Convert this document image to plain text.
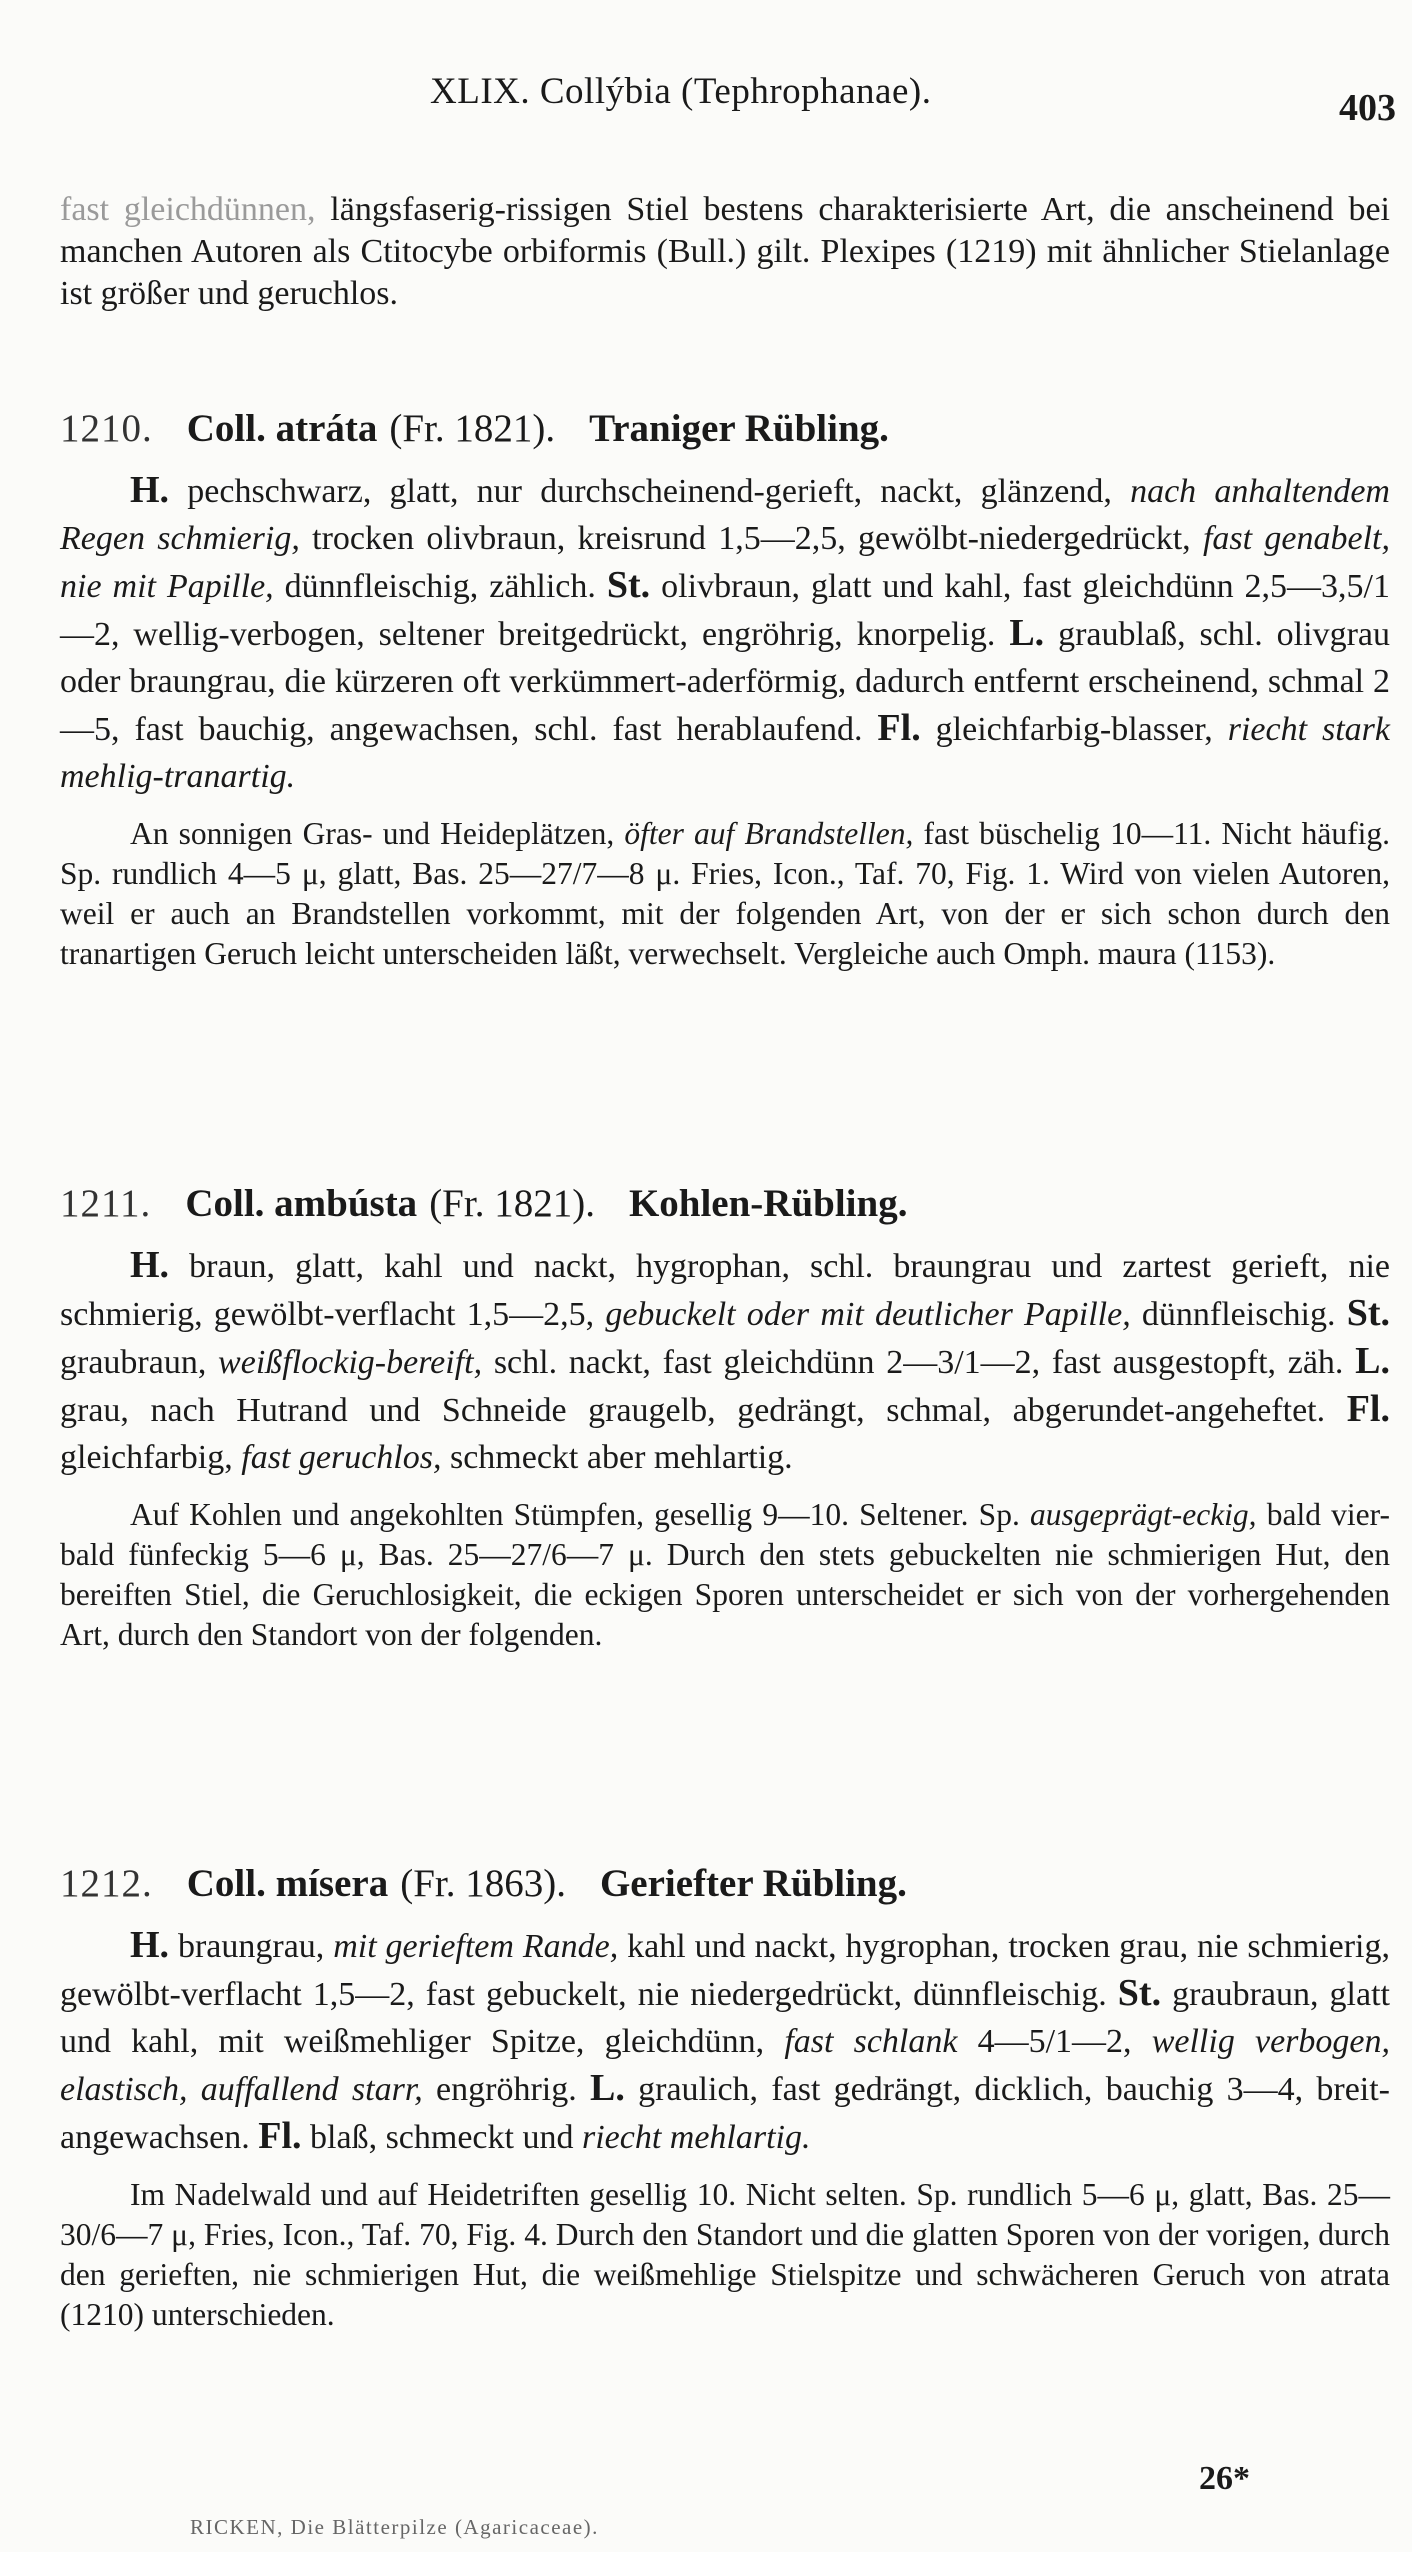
XLIX. Collýbia (Tephrophanae).	403

fast gleichdünnen, längsfaserig-rissigen Stiel bestens charakterisierte Art, die anscheinend bei manchen Autoren als Ctitocybe orbiformis (Bull.) gilt. Plexipes (1219) mit ähnlicher Stielanlage ist größer und geruchlos.

1210. Coll. atráta (Fr. 1821). Traniger Rübling.

H. pechschwarz, glatt, nur durchscheinend-gerieft, nackt, glänzend, nach anhaltendem Regen schmierig, trocken olivbraun, kreisrund 1,5—2,5, gewölbt-niedergedrückt, fast genabelt, nie mit Papille, dünnfleischig, zählich. St. olivbraun, glatt und kahl, fast gleichdünn 2,5—3,5/1—2, wellig-verbogen, seltener breitgedrückt, engröhrig, knorpelig. L. graublaß, schl. olivgrau oder braungrau, die kürzeren oft verkümmert-aderförmig, dadurch entfernt erscheinend, schmal 2—5, fast bauchig, angewachsen, schl. fast herablaufend. Fl. gleichfarbig-blasser, riecht stark mehlig-tranartig.

An sonnigen Gras- und Heideplätzen, öfter auf Brandstellen, fast büschelig 10—11. Nicht häufig. Sp. rundlich 4—5 μ, glatt, Bas. 25—27/7—8 μ. Fries, Icon., Taf. 70, Fig. 1. Wird von vielen Autoren, weil er auch an Brandstellen vorkommt, mit der folgenden Art, von der er sich schon durch den tranartigen Geruch leicht unterscheiden läßt, verwechselt. Vergleiche auch Omph. maura (1153).

1211. Coll. ambústa (Fr. 1821). Kohlen-Rübling.

H. braun, glatt, kahl und nackt, hygrophan, schl. braungrau und zartest gerieft, nie schmierig, gewölbt-verflacht 1,5—2,5, gebuckelt oder mit deutlicher Papille, dünnfleischig. St. graubraun, weißflockig-bereift, schl. nackt, fast gleichdünn 2—3/1—2, fast ausgestopft, zäh. L. grau, nach Hutrand und Schneide graugelb, gedrängt, schmal, abgerundet-angeheftet. Fl. gleichfarbig, fast geruchlos, schmeckt aber mehlartig.

Auf Kohlen und angekohlten Stümpfen, gesellig 9—10. Seltener. Sp. ausgeprägt-eckig, bald vier- bald fünfeckig 5—6 μ, Bas. 25—27/6—7 μ. Durch den stets gebuckelten nie schmierigen Hut, den bereiften Stiel, die Geruchlosigkeit, die eckigen Sporen unterscheidet er sich von der vorhergehenden Art, durch den Standort von der folgenden.

1212. Coll. mísera (Fr. 1863). Geriefter Rübling.

H. braungrau, mit gerieftem Rande, kahl und nackt, hygrophan, trocken grau, nie schmierig, gewölbt-verflacht 1,5—2, fast gebuckelt, nie niedergedrückt, dünnfleischig. St. graubraun, glatt und kahl, mit weißmehliger Spitze, gleichdünn, fast schlank 4—5/1—2, wellig verbogen, elastisch, auffallend starr, engröhrig. L. graulich, fast gedrängt, dicklich, bauchig 3—4, breit-angewachsen. Fl. blaß, schmeckt und riecht mehlartig.

Im Nadelwald und auf Heidetriften gesellig 10. Nicht selten. Sp. rundlich 5—6 μ, glatt, Bas. 25—30/6—7 μ, Fries, Icon., Taf. 70, Fig. 4. Durch den Standort und die glatten Sporen von der vorigen, durch den gerieften, nie schmierigen Hut, die weißmehlige Stielspitze und schwächeren Geruch von atrata (1210) unterschieden.

26*
RICKEN, Die Blätterpilze (Agaricaceae).
